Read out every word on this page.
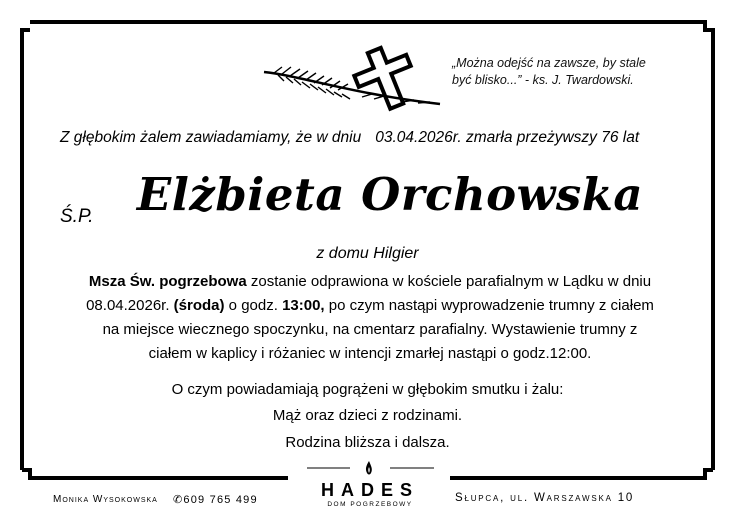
„Można odejść na zawsze, by stale
być blisko...” - ks. J. Twardowski.
Z głębokim żalem zawiadamiamy, że w dniu 03.04.2026r. zmarła przeżywszy 76 lat
Ś.P. Elżbieta Orchowska
z domu Hilgier
Msza Św. pogrzebowa zostanie odprawiona w kościele parafialnym w Lądku w dniu
08.04.2026r. (środa) o godz. 13:00, po czym nastąpi wyprowadzenie trumny z ciałem
na miejsce wiecznego spoczynku, na cmentarz parafialny. Wystawienie trumny z
ciałem w kaplicy i różaniec w intencji zmarłej nastąpi o godz.12:00.
O czym powiadamiają pogrążeni w głębokim smutku i żalu:
Mąż oraz dzieci z rodzinami.
Rodzina bliższa i dalsza.
Monika Wysokowska ✆609 765 499	HADES
DOM POGRZEBOWY
Słupca, ul. Warszawska 10
